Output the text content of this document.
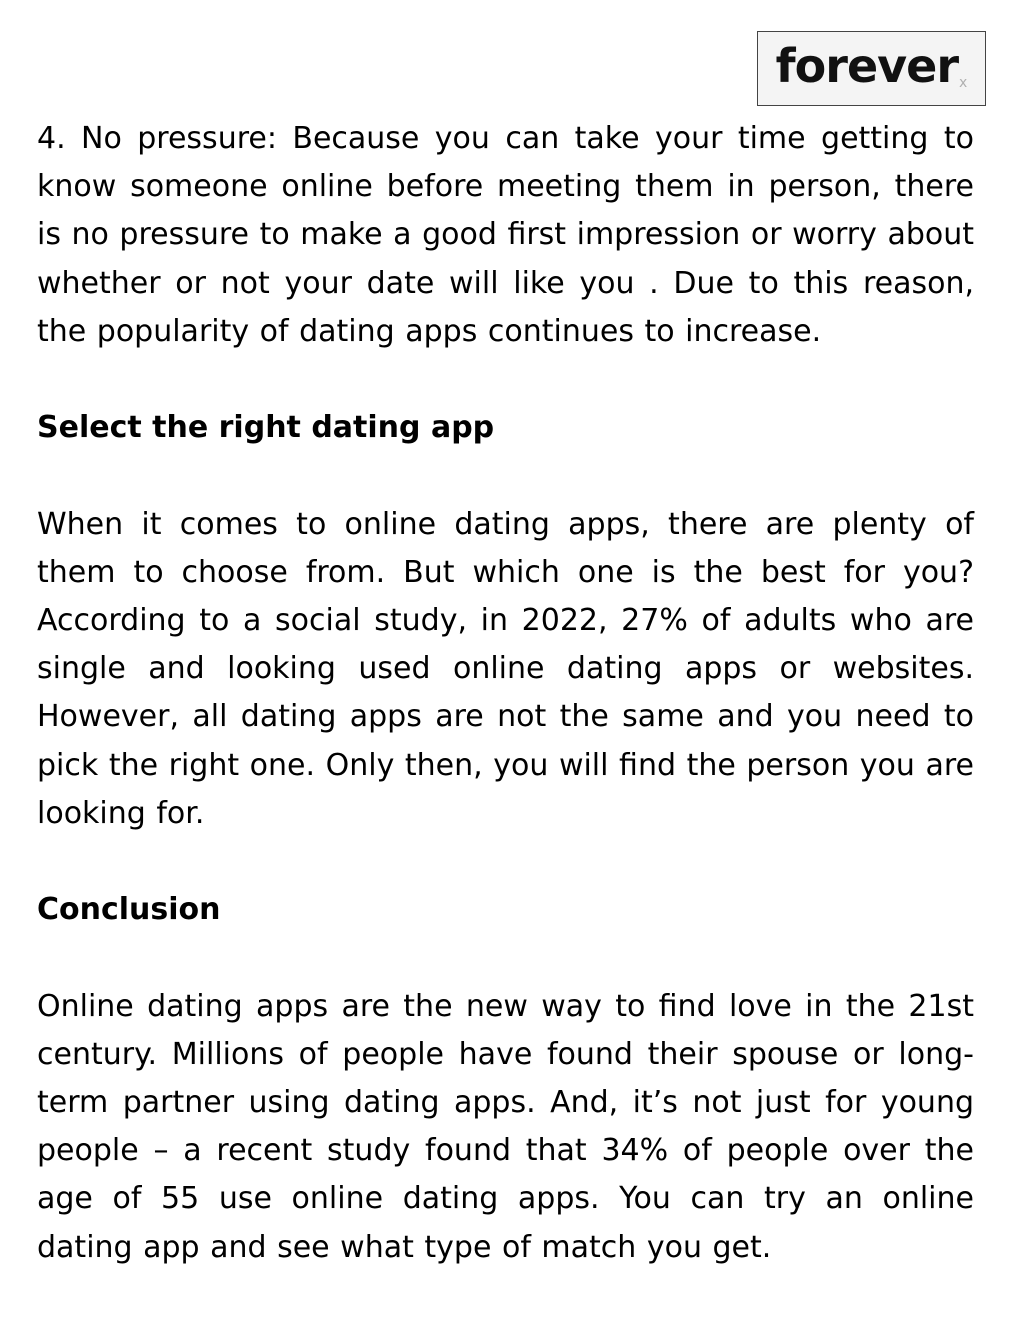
forever x

4. No pressure: Because you can take your time getting to know someone online before meeting them in person, there is no pressure to make a good first impression or worry about whether or not your date will like you . Due to this reason, the popularity of dating apps continues to increase.

Select the right dating app

When it comes to online dating apps, there are plenty of them to choose from. But which one is the best for you? According to a social study, in 2022, 27% of adults who are single and looking used online dating apps or websites. However, all dating apps are not the same and you need to pick the right one. Only then, you will find the person you are looking for.

Conclusion

Online dating apps are the new way to find love in the 21st century. Millions of people have found their spouse or long-term partner using dating apps. And, it’s not just for young people – a recent study found that 34% of people over the age of 55 use online dating apps. You can try an online dating app and see what type of match you get.
